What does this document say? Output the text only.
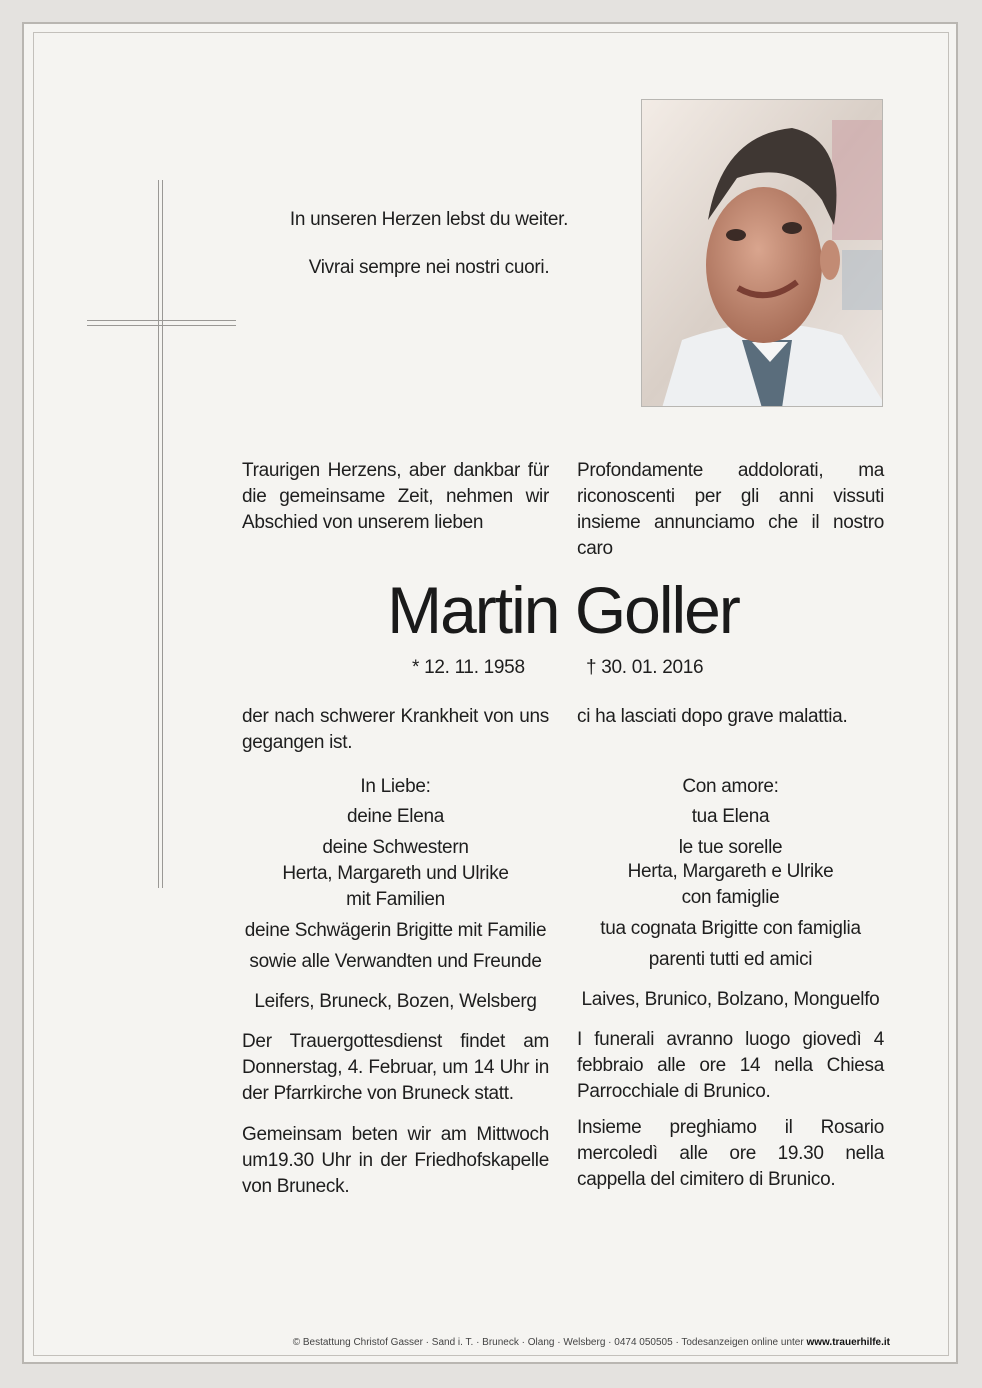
In unseren Herzen lebst du weiter.
Vivrai sempre nei nostri cuori.
Traurigen Herzens, aber dankbar für die gemeinsame Zeit, nehmen wir Abschied von unserem lieben
Profondamente addolorati, ma riconoscenti per gli anni vissuti insieme annunciamo che il nostro caro
Martin Goller
* 12. 11. 1958	† 30. 01. 2016
der nach schwerer Krankheit von uns gegangen ist.
ci ha lasciati dopo grave malattia.
In Liebe:
deine Elena
deine Schwestern
Herta, Margareth und Ulrike
mit Familien
deine Schwägerin Brigitte mit Familie
sowie alle Verwandten und Freunde
Leifers, Bruneck, Bozen, Welsberg
Con amore:
tua Elena
le tue sorelle
Herta, Margareth e Ulrike
con famiglie
tua cognata Brigitte con famiglia
parenti tutti ed amici
Laives, Brunico, Bolzano, Monguelfo
Der Trauergottesdienst findet am Donnerstag, 4. Februar, um 14 Uhr in der Pfarrkirche von Bruneck statt.
I funerali avranno luogo giovedì 4 febbraio alle ore 14 nella Chiesa Parrocchiale di Brunico.
Gemeinsam beten wir am Mittwoch um19.30 Uhr in der Friedhofskapelle von Bruneck.
Insieme preghiamo il Rosario mercoledì alle ore 19.30 nella cappella del cimitero di Brunico.
© Bestattung Christof Gasser · Sand i. T. · Bruneck · Olang · Welsberg · 0474 050505 · Todesanzeigen online unter www.trauerhilfe.it
